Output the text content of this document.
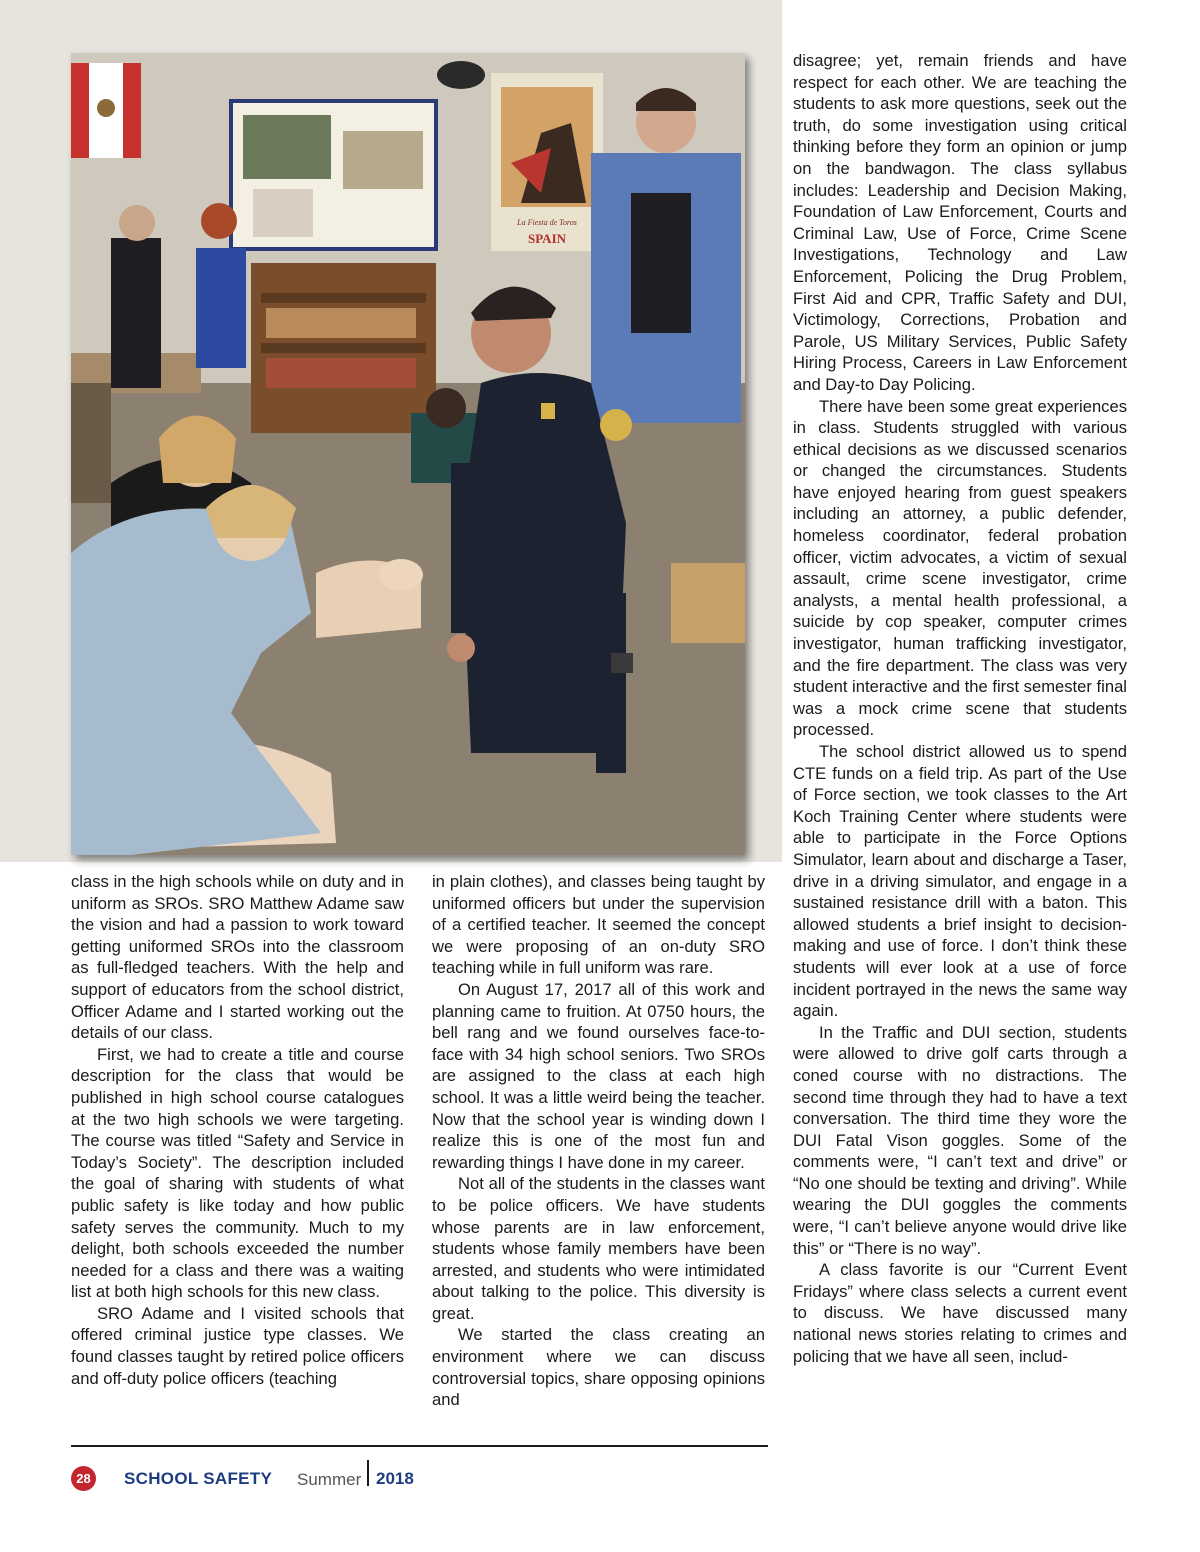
La Fiesta de Toros
SPAIN

class in the high schools while on duty and in uniform as SROs. SRO Matthew Adame saw the vision and had a passion to work toward getting uniformed SROs into the classroom as full-fledged teachers. With the help and support of educators from the school district, Officer Adame and I started working out the details of our class.

First, we had to create a title and course description for the class that would be published in high school course catalogues at the two high schools we were targeting. The course was titled “Safety and Service in Today’s Society”. The description included the goal of sharing with students of what public safety is like today and how public safety serves the community. Much to my delight, both schools exceeded the number needed for a class and there was a waiting list at both high schools for this new class.

SRO Adame and I visited schools that offered criminal justice type classes. We found classes taught by retired police officers and off-duty police officers (teaching

in plain clothes), and classes being taught by uniformed officers but under the supervision of a certified teacher. It seemed the concept we were proposing of an on-duty SRO teaching while in full uniform was rare.

On August 17, 2017 all of this work and planning came to fruition. At 0750 hours, the bell rang and we found ourselves face-to-face with 34 high school seniors. Two SROs are assigned to the class at each high school. It was a little weird being the teacher. Now that the school year is winding down I realize this is one of the most fun and rewarding things I have done in my career.

Not all of the students in the classes want to be police officers. We have students whose parents are in law enforcement, students whose family members have been arrested, and students who were intimidated about talking to the police. This diversity is great.

We started the class creating an environment where we can discuss controversial topics, share opposing opinions and

disagree; yet, remain friends and have respect for each other. We are teaching the students to ask more questions, seek out the truth, do some investigation using critical thinking before they form an opinion or jump on the bandwagon. The class syllabus includes: Leadership and Decision Making, Foundation of Law Enforcement, Courts and Criminal Law, Use of Force, Crime Scene Investigations, Technology and Law Enforcement, Policing the Drug Problem, First Aid and CPR, Traffic Safety and DUI, Victimology, Corrections, Probation and Parole, US Military Services, Public Safety Hiring Process, Careers in Law Enforcement and Day-to Day Policing.

There have been some great experiences in class. Students struggled with various ethical decisions as we discussed scenarios or changed the circumstances. Students have enjoyed hearing from guest speakers including an attorney, a public defender, homeless coordinator, federal probation officer, victim advocates, a victim of sexual assault, crime scene investigator, crime analysts, a mental health professional, a suicide by cop speaker, computer crimes investigator, human trafficking investigator, and the fire department. The class was very student interactive and the first semester final was a mock crime scene that students processed.

The school district allowed us to spend CTE funds on a field trip. As part of the Use of Force section, we took classes to the Art Koch Training Center where students were able to participate in the Force Options Simulator, learn about and discharge a Taser, drive in a driving simulator, and engage in a sustained resistance drill with a baton. This allowed students a brief insight to decision-making and use of force. I don’t think these students will ever look at a use of force incident portrayed in the news the same way again.

In the Traffic and DUI section, students were allowed to drive golf carts through a coned course with no distractions. The second time through they had to have a text conversation. The third time they wore the DUI Fatal Vison goggles. Some of the comments were, “I can’t text and drive” or “No one should be texting and driving”. While wearing the DUI goggles the comments were, “I can’t believe anyone would drive like this” or “There is no way”.

A class favorite is our “Current Event Fridays” where class selects a current event to discuss. We have discussed many national news stories relating to crimes and policing that we have all seen, includ-

28	SCHOOL SAFETY Summer 2018
